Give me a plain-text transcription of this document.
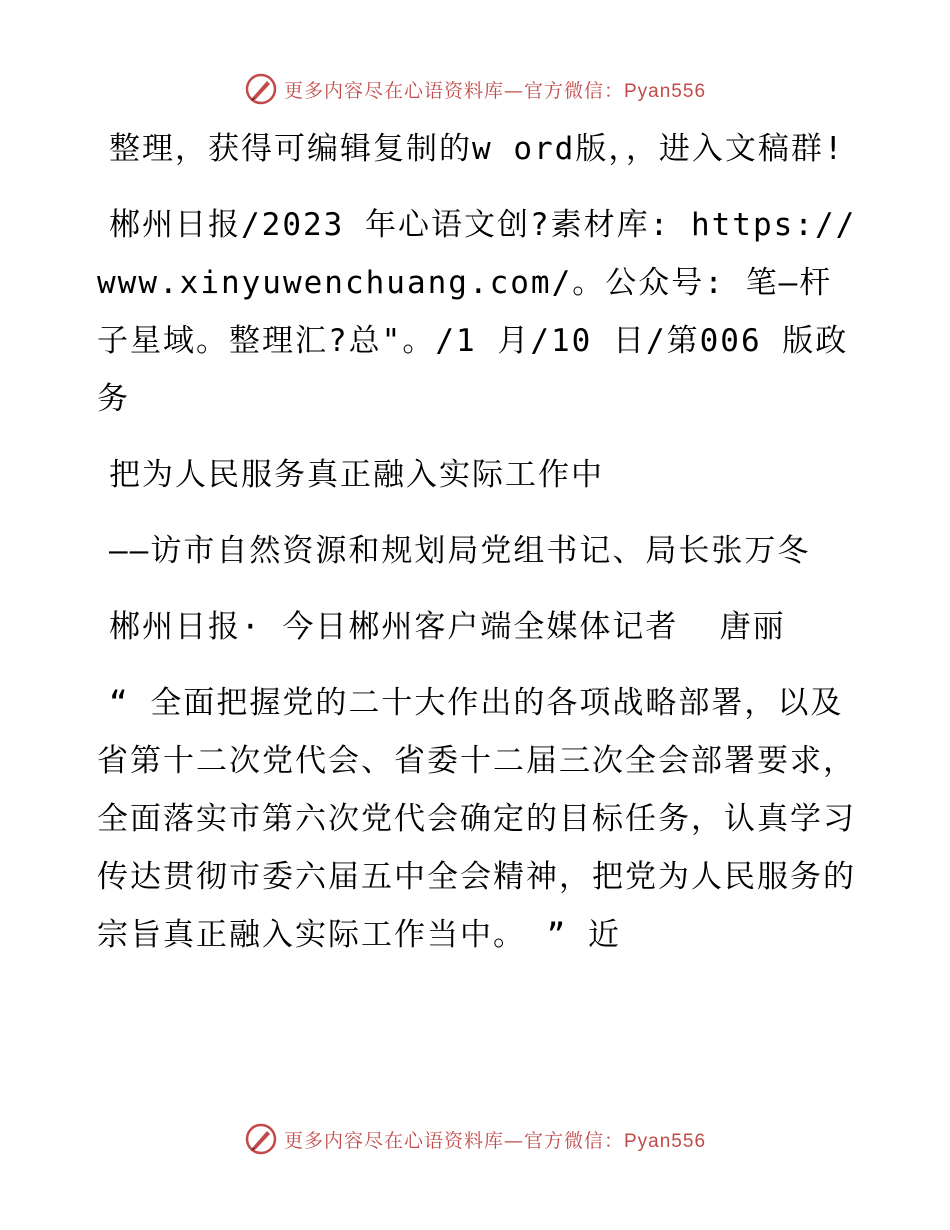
更多内容尽在心语资料库—官方微信：Pyan556

整理，获得可编辑复制的w ord版，，进入文稿群!

郴州日报/2023 年心语文创?素材库: https://www.xinyuwenchuang.com/。公众号: 笔—杆子星域。整理汇?总"。/1 月/10 日/第006 版政务

把为人民服务真正融入实际工作中

——访市自然资源和规划局党组书记、局长张万冬

郴州日报· 今日郴州客户端全媒体记者  唐丽

“ 全面把握党的二十大作出的各项战略部署，以及省第十二次党代会、省委十二届三次全会部署要求，  全面落实市第六次党代会确定的目标任务，认真学习传达贯彻市委六届五中全会精神，把党为人民服务的宗旨真正融入实际工作当中。 ” 近

更多内容尽在心语资料库—官方微信：Pyan556
